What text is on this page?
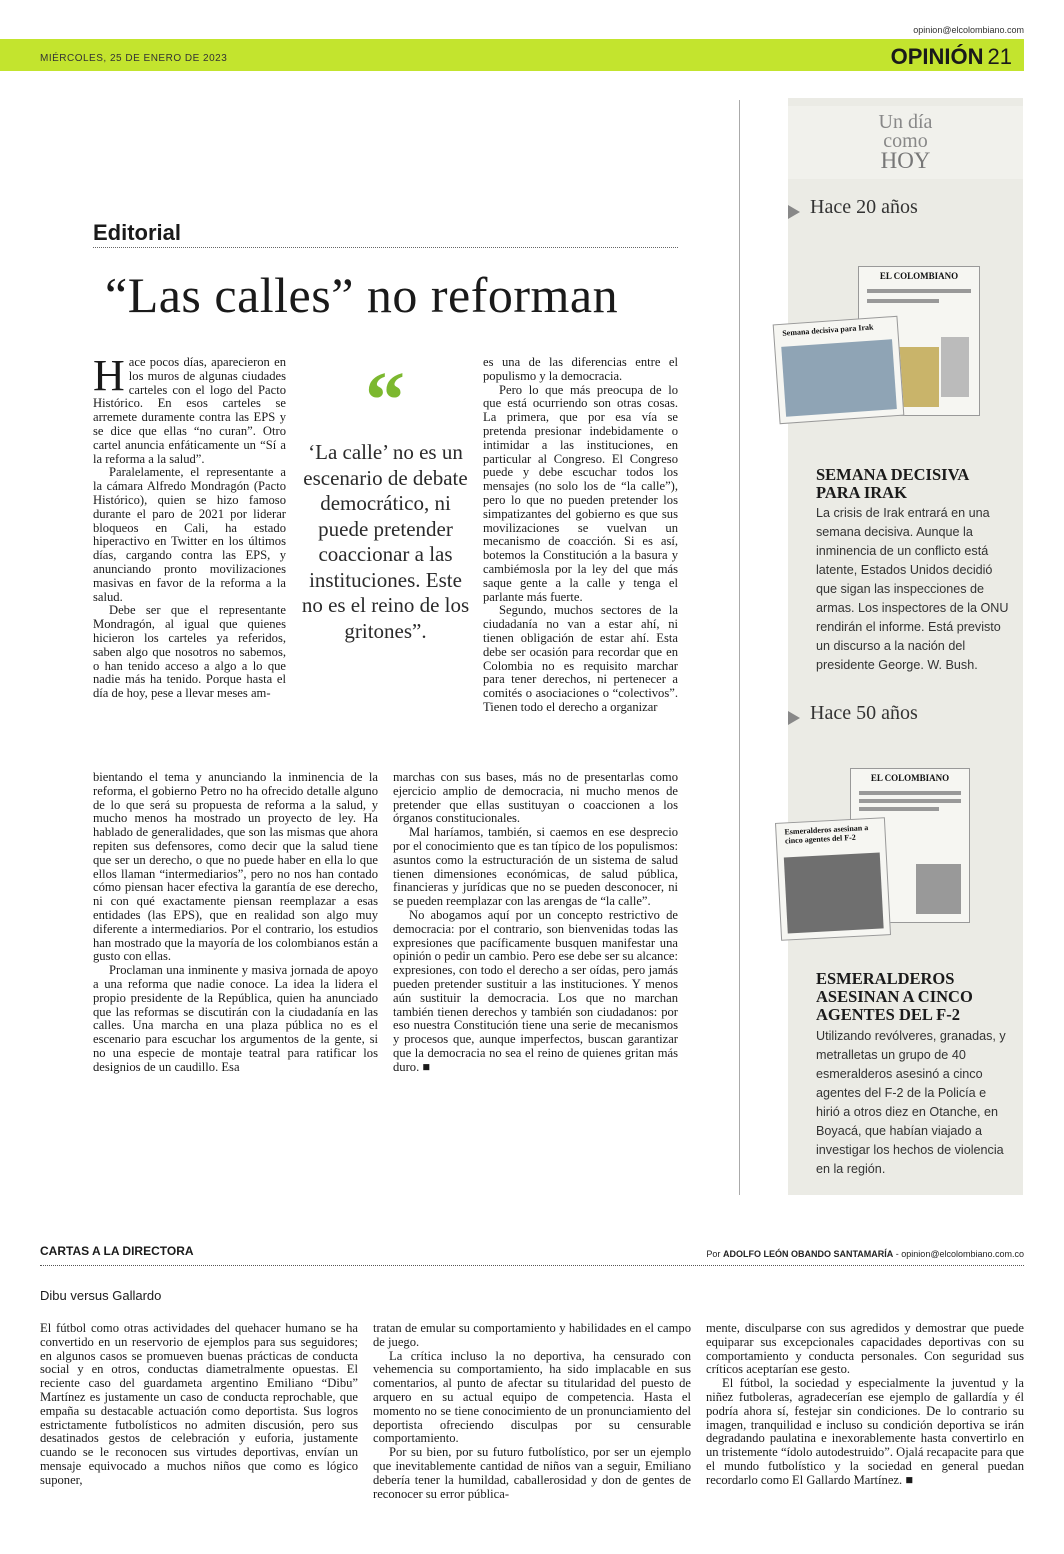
opinion@elcolombiano.com
MIÉRCOLES, 25 DE ENERO DE 2023	OPINIÓN 21
Editorial
“Las calles” no reforman
H ace pocos días, aparecieron en los muros de algunas ciudades carteles con el logo del Pacto Histórico. En esos carteles se arremete duramente contra las EPS y se dice que ellas “no curan”. Otro cartel anuncia enfáticamente un “Sí a la reforma a la salud”.

Paralelamente, el representante a la cámara Alfredo Mondragón (Pacto Histórico), quien se hizo famoso durante el paro de 2021 por liderar bloqueos en Cali, ha estado hiperactivo en Twitter en los últimos días, cargando contra las EPS, y anunciando pronto movilizaciones masivas en favor de la reforma a la salud.

Debe ser que el representante Mondragón, al igual que quienes hicieron los carteles ya referidos, saben algo que nosotros no sabemos, o han tenido acceso a algo a lo que nadie más ha tenido. Porque hasta el día de hoy, pese a llevar meses am-

“
‘La calle’ no es un escenario de debate democrático, ni puede pretender coaccionar a las instituciones. Este no es el reino de los gritones”.

es una de las diferencias entre el populismo y la democracia.

Pero lo que más preocupa de lo que está ocurriendo son otras cosas. La primera, que por esa vía se pretenda presionar indebidamente o intimidar a las instituciones, en particular al Congreso. El Congreso puede y debe escuchar todos los mensajes (no solo los de “la calle”), pero lo que no pueden pretender los simpatizantes del gobierno es que sus movilizaciones se vuelvan un mecanismo de coacción. Si es así, botemos la Constitución a la basura y cambiémosla por la ley del que más saque gente a la calle y tenga el parlante más fuerte.

Segundo, muchos sectores de la ciudadanía no van a estar ahí, ni tienen obligación de estar ahí. Esta debe ser ocasión para recordar que en Colombia no es requisito marchar para tener derechos, ni pertenecer a comités o asociaciones o “colectivos”. Tienen todo el derecho a organizar

bientando el tema y anunciando la inminencia de la reforma, el gobierno Petro no ha ofrecido detalle alguno de lo que será su propuesta de reforma a la salud, y mucho menos ha mostrado un proyecto de ley. Ha hablado de generalidades, que son las mismas que ahora repiten sus defensores, como decir que la salud tiene que ser un derecho, o que no puede haber en ella lo que ellos llaman “intermediarios”, pero no nos han contado cómo piensan hacer efectiva la garantía de ese derecho, ni con qué exactamente piensan reemplazar a esas entidades (las EPS), que en realidad son algo muy diferente a intermediarios. Por el contrario, los estudios han mostrado que la mayoría de los colombianos están a gusto con ellas.

Proclaman una inminente y masiva jornada de apoyo a una reforma que nadie conoce. La idea la lidera el propio presidente de la República, quien ha anunciado que las reformas se discutirán con la ciudadanía en las calles. Una marcha en una plaza pública no es el escenario para escuchar los argumentos de la gente, si no una especie de montaje teatral para ratificar los designios de un caudillo. Esa

marchas con sus bases, más no de presentarlas como ejercicio amplio de democracia, ni mucho menos de pretender que ellas sustituyan o coaccionen a los órganos constitucionales.

Mal haríamos, también, si caemos en ese desprecio por el conocimiento que es tan típico de los populismos: asuntos como la estructuración de un sistema de salud tienen dimensiones económicas, de salud pública, financieras y jurídicas que no se pueden desconocer, ni se pueden reemplazar con las arengas de “la calle”.

No abogamos aquí por un concepto restrictivo de democracia: por el contrario, son bienvenidas todas las expresiones que pacíficamente busquen manifestar una opinión o pedir un cambio. Pero ese debe ser su alcance: expresiones, con todo el derecho a ser oídas, pero jamás pueden pretender sustituir a las instituciones. Y menos aún sustituir la democracia. Los que no marchan también tienen derechos y también son ciudadanos: por eso nuestra Constitución tiene una serie de mecanismos y procesos que, aunque imperfectos, buscan garantizar que la democracia no sea el reino de quienes gritan más duro. ■

Un día
como
HOY
Hace 20 años
EL COLOMBIANO
Semana decisiva para Irak
SEMANA DECISIVA PARA IRAK
La crisis de Irak entrará en una semana decisiva. Aunque la inminencia de un conflicto está latente, Estados Unidos decidió que sigan las inspecciones de armas. Los inspectores de la ONU rendirán el informe. Está previsto un discurso a la nación del presidente George. W. Bush.
Hace 50 años
EL COLOMBIANO
Esmeralderos asesinan a cinco agentes del F-2
ESMERALDEROS ASESINAN A CINCO AGENTES DEL F-2
Utilizando revólveres, granadas, y metralletas un grupo de 40 esmeralderos asesinó a cinco agentes del F-2 de la Policía e hirió a otros diez en Otanche, en Boyacá, que habían viajado a investigar los hechos de violencia en la región.
CARTAS A LA DIRECTORA	Por ADOLFO LEÓN OBANDO SANTAMARÍA - opinion@elcolombiano.com.co
Dibu versus Gallardo

El fútbol como otras actividades del quehacer humano se ha convertido en un reservorio de ejemplos para sus seguidores; en algunos casos se promueven buenas prácticas de conducta social y en otros, conductas diametralmente opuestas. El reciente caso del guardameta argentino Emiliano “Dibu” Martínez es justamente un caso de conducta reprochable, que empaña su destacable actuación como deportista. Sus logros estrictamente futbolísticos no admiten discusión, pero sus desatinados gestos de celebración y euforia, justamente cuando se le reconocen sus virtudes deportivas, envían un mensaje equivocado a muchos niños que como es lógico suponer,

tratan de emular su comportamiento y habilidades en el campo de juego.

La crítica incluso la no deportiva, ha censurado con vehemencia su comportamiento, ha sido implacable en sus comentarios, al punto de afectar su titularidad del puesto de arquero en su actual equipo de competencia. Hasta el momento no se tiene conocimiento de un pronunciamiento del deportista ofreciendo disculpas por su censurable comportamiento.

Por su bien, por su futuro futbolístico, por ser un ejemplo que inevitablemente cantidad de niños van a seguir, Emiliano debería tener la humildad, caballerosidad y don de gentes de reconocer su error pública-

mente, disculparse con sus agredidos y demostrar que puede equiparar sus excepcionales capacidades deportivas con su comportamiento y conducta personales. Con seguridad sus críticos aceptarían ese gesto.

El fútbol, la sociedad y especialmente la juventud y la niñez futboleras, agradecerían ese ejemplo de gallardía y él podría ahora sí, festejar sin condiciones. De lo contrario su imagen, tranquilidad e incluso su condición deportiva se irán degradando paulatina e inexorablemente hasta convertirlo en un tristemente “ídolo autodestruido”. Ojalá recapacite para que el mundo futbolístico y la sociedad en general puedan recordarlo como El Gallardo Martínez. ■
